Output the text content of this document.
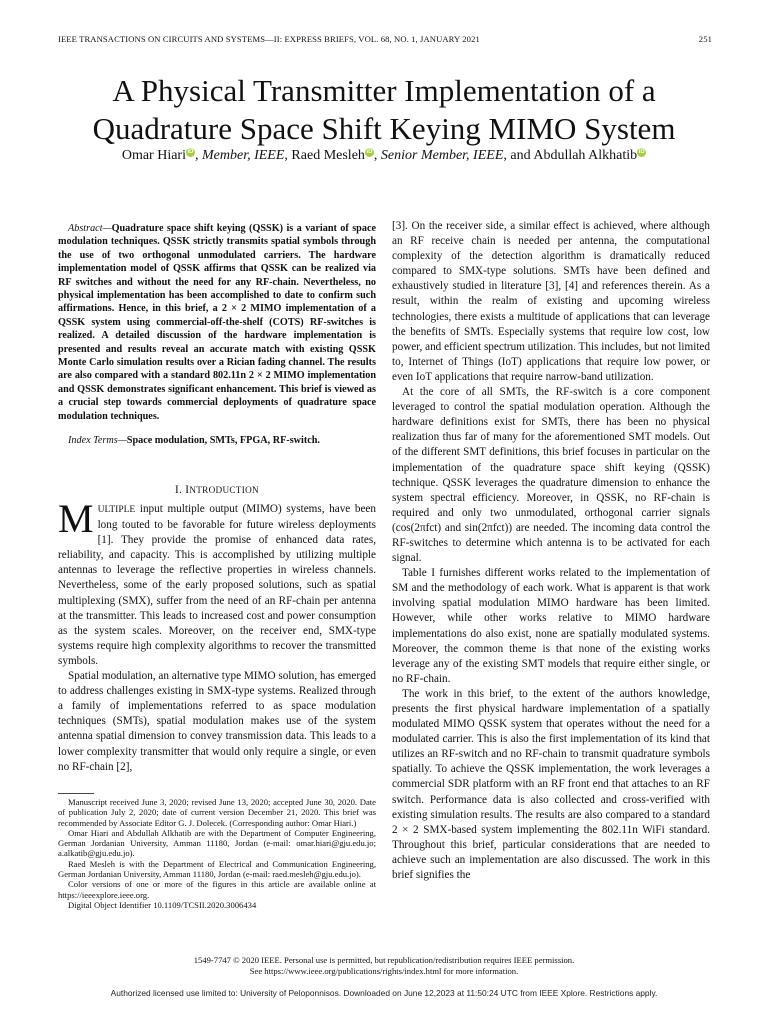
IEEE TRANSACTIONS ON CIRCUITS AND SYSTEMS—II: EXPRESS BRIEFS, VOL. 68, NO. 1, JANUARY 2021	251
A Physical Transmitter Implementation of a
Quadrature Space Shift Keying MIMO System
Omar Hiari iD , Member, IEEE, Raed Mesleh iD , Senior Member, IEEE, and Abdullah Alkhatib iD

Abstract—Quadrature space shift keying (QSSK) is a variant of space modulation techniques. QSSK strictly transmits spatial symbols through the use of two orthogonal unmodulated carriers. The hardware implementation model of QSSK affirms that QSSK can be realized via RF switches and without the need for any RF-chain. Nevertheless, no physical implementation has been accomplished to date to confirm such affirmations. Hence, in this brief, a 2 × 2 MIMO implementation of a QSSK system using commercial-off-the-shelf (COTS) RF-switches is realized. A detailed discussion of the hardware implementation is presented and results reveal an accurate match with existing QSSK Monte Carlo simulation results over a Rician fading channel. The results are also compared with a standard 802.11n 2 × 2 MIMO implementation and QSSK demonstrates significant enhancement. This brief is viewed as a crucial step towards commercial deployments of quadrature space modulation techniques.

Index Terms—Space modulation, SMTs, FPGA, RF-switch.

I. INTRODUCTION

MULTIPLE input multiple output (MIMO) systems, have been long touted to be favorable for future wireless deployments [1]. They provide the promise of enhanced data rates, reliability, and capacity. This is accomplished by utilizing multiple antennas to leverage the reflective properties in wireless channels. Nevertheless, some of the early proposed solutions, such as spatial multiplexing (SMX), suffer from the need of an RF-chain per antenna at the transmitter. This leads to increased cost and power consumption as the system scales. Moreover, on the receiver end, SMX-type systems require high complexity algorithms to recover the transmitted symbols.

Spatial modulation, an alternative type MIMO solution, has emerged to address challenges existing in SMX-type systems. Realized through a family of implementations referred to as space modulation techniques (SMTs), spatial modulation makes use of the system antenna spatial dimension to convey transmission data. This leads to a lower complexity transmitter that would only require a single, or even no RF-chain [2],

Manuscript received June 3, 2020; revised June 13, 2020; accepted June 30, 2020. Date of publication July 2, 2020; date of current version December 21, 2020. This brief was recommended by Associate Editor G. J. Dolecek. (Corresponding author: Omar Hiari.)

Omar Hiari and Abdullah Alkhatib are with the Department of Computer Engineering, German Jordanian University, Amman 11180, Jordan (e-mail: omar.hiari@gju.edu.jo; a.alkatib@gju.edu.jo).

Raed Mesleh is with the Department of Electrical and Communication Engineering, German Jordanian University, Amman 11180, Jordan (e-mail: raed.mesleh@gju.edu.jo).

Color versions of one or more of the figures in this article are available online at https://ieeexplore.ieee.org.

Digital Object Identifier 10.1109/TCSII.2020.3006434

[3]. On the receiver side, a similar effect is achieved, where although an RF receive chain is needed per antenna, the computational complexity of the detection algorithm is dramatically reduced compared to SMX-type solutions. SMTs have been defined and exhaustively studied in literature [3], [4] and references therein. As a result, within the realm of existing and upcoming wireless technologies, there exists a multitude of applications that can leverage the benefits of SMTs. Especially systems that require low cost, low power, and efficient spectrum utilization. This includes, but not limited to, Internet of Things (IoT) applications that require low power, or even IoT applications that require narrow-band utilization.

At the core of all SMTs, the RF-switch is a core component leveraged to control the spatial modulation operation. Although the hardware definitions exist for SMTs, there has been no physical realization thus far of many for the aforementioned SMT models. Out of the different SMT definitions, this brief focuses in particular on the implementation of the quadrature space shift keying (QSSK) technique. QSSK leverages the quadrature dimension to enhance the system spectral efficiency. Moreover, in QSSK, no RF-chain is required and only two unmodulated, orthogonal carrier signals (cos(2πfct) and sin(2πfct)) are needed. The incoming data control the RF-switches to determine which antenna is to be activated for each signal.

Table I furnishes different works related to the implementation of SM and the methodology of each work. What is apparent is that work involving spatial modulation MIMO hardware has been limited. However, while other works relative to MIMO hardware implementations do also exist, none are spatially modulated systems. Moreover, the common theme is that none of the existing works leverage any of the existing SMT models that require either single, or no RF-chain.

The work in this brief, to the extent of the authors knowledge, presents the first physical hardware implementation of a spatially modulated MIMO QSSK system that operates without the need for a modulated carrier. This is also the first implementation of its kind that utilizes an RF-switch and no RF-chain to transmit quadrature symbols spatially. To achieve the QSSK implementation, the work leverages a commercial SDR platform with an RF front end that attaches to an RF switch. Performance data is also collected and cross-verified with existing simulation results. The results are also compared to a standard 2 × 2 SMX-based system implementing the 802.11n WiFi standard. Throughout this brief, particular considerations that are needed to achieve such an implementation are also discussed. The work in this brief signifies the

1549-7747 © 2020 IEEE. Personal use is permitted, but republication/redistribution requires IEEE permission.
See https://www.ieee.org/publications/rights/index.html for more information.
Authorized licensed use limited to: University of Peloponnisos. Downloaded on June 12,2023 at 11:50:24 UTC from IEEE Xplore. Restrictions apply.
